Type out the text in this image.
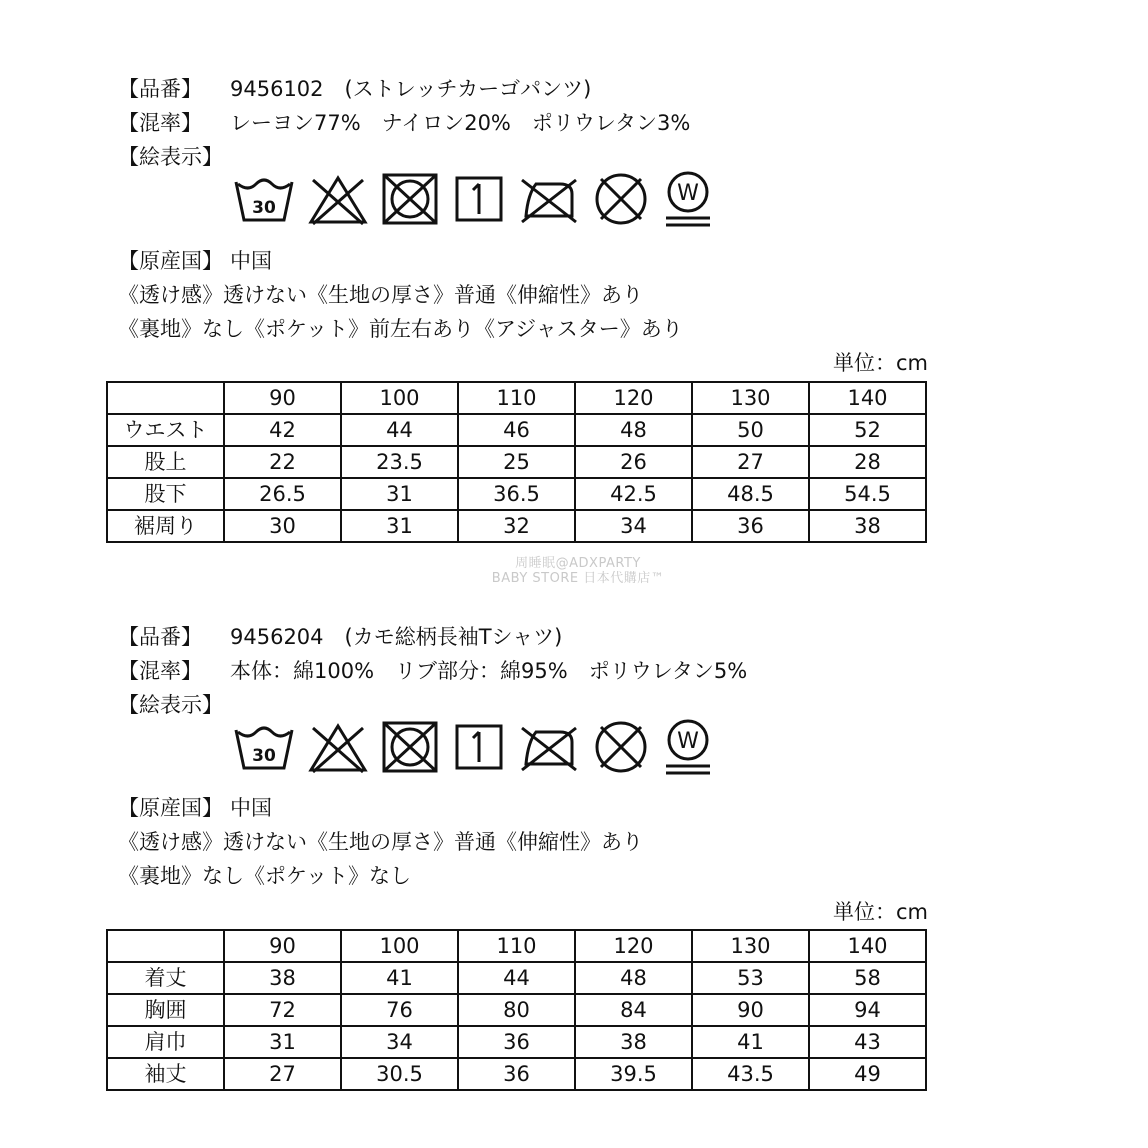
【品番】 9456102　(ストレッチカーゴパンツ)
【混率】 レーヨン77%　ナイロン20%　ポリウレタン3%
【絵表示】
30
W
【原産国】 中国
《透け感》透けない《生地の厚さ》普通《伸縮性》あり
《裏地》なし《ポケット》前左右あり《アジャスター》あり
単位：cm
	90	100	110	120	130	140
ウエスト	42	44	46	48	50	52
股上	22	23.5	25	26	27	28
股下	26.5	31	36.5	42.5	48.5	54.5
裾周り	30	31	32	34	36	38
周睡眠@ADXPARTY
BABY STORE 日本代購店™
【品番】 9456204　(カモ総柄長袖Tシャツ)
【混率】 本体：綿100%　リブ部分：綿95%　ポリウレタン5%
【絵表示】
30
W
【原産国】 中国
《透け感》透けない《生地の厚さ》普通《伸縮性》あり
《裏地》なし《ポケット》なし
単位：cm
	90	100	110	120	130	140
着丈	38	41	44	48	53	58
胸囲	72	76	80	84	90	94
肩巾	31	34	36	38	41	43
袖丈	27	30.5	36	39.5	43.5	49
